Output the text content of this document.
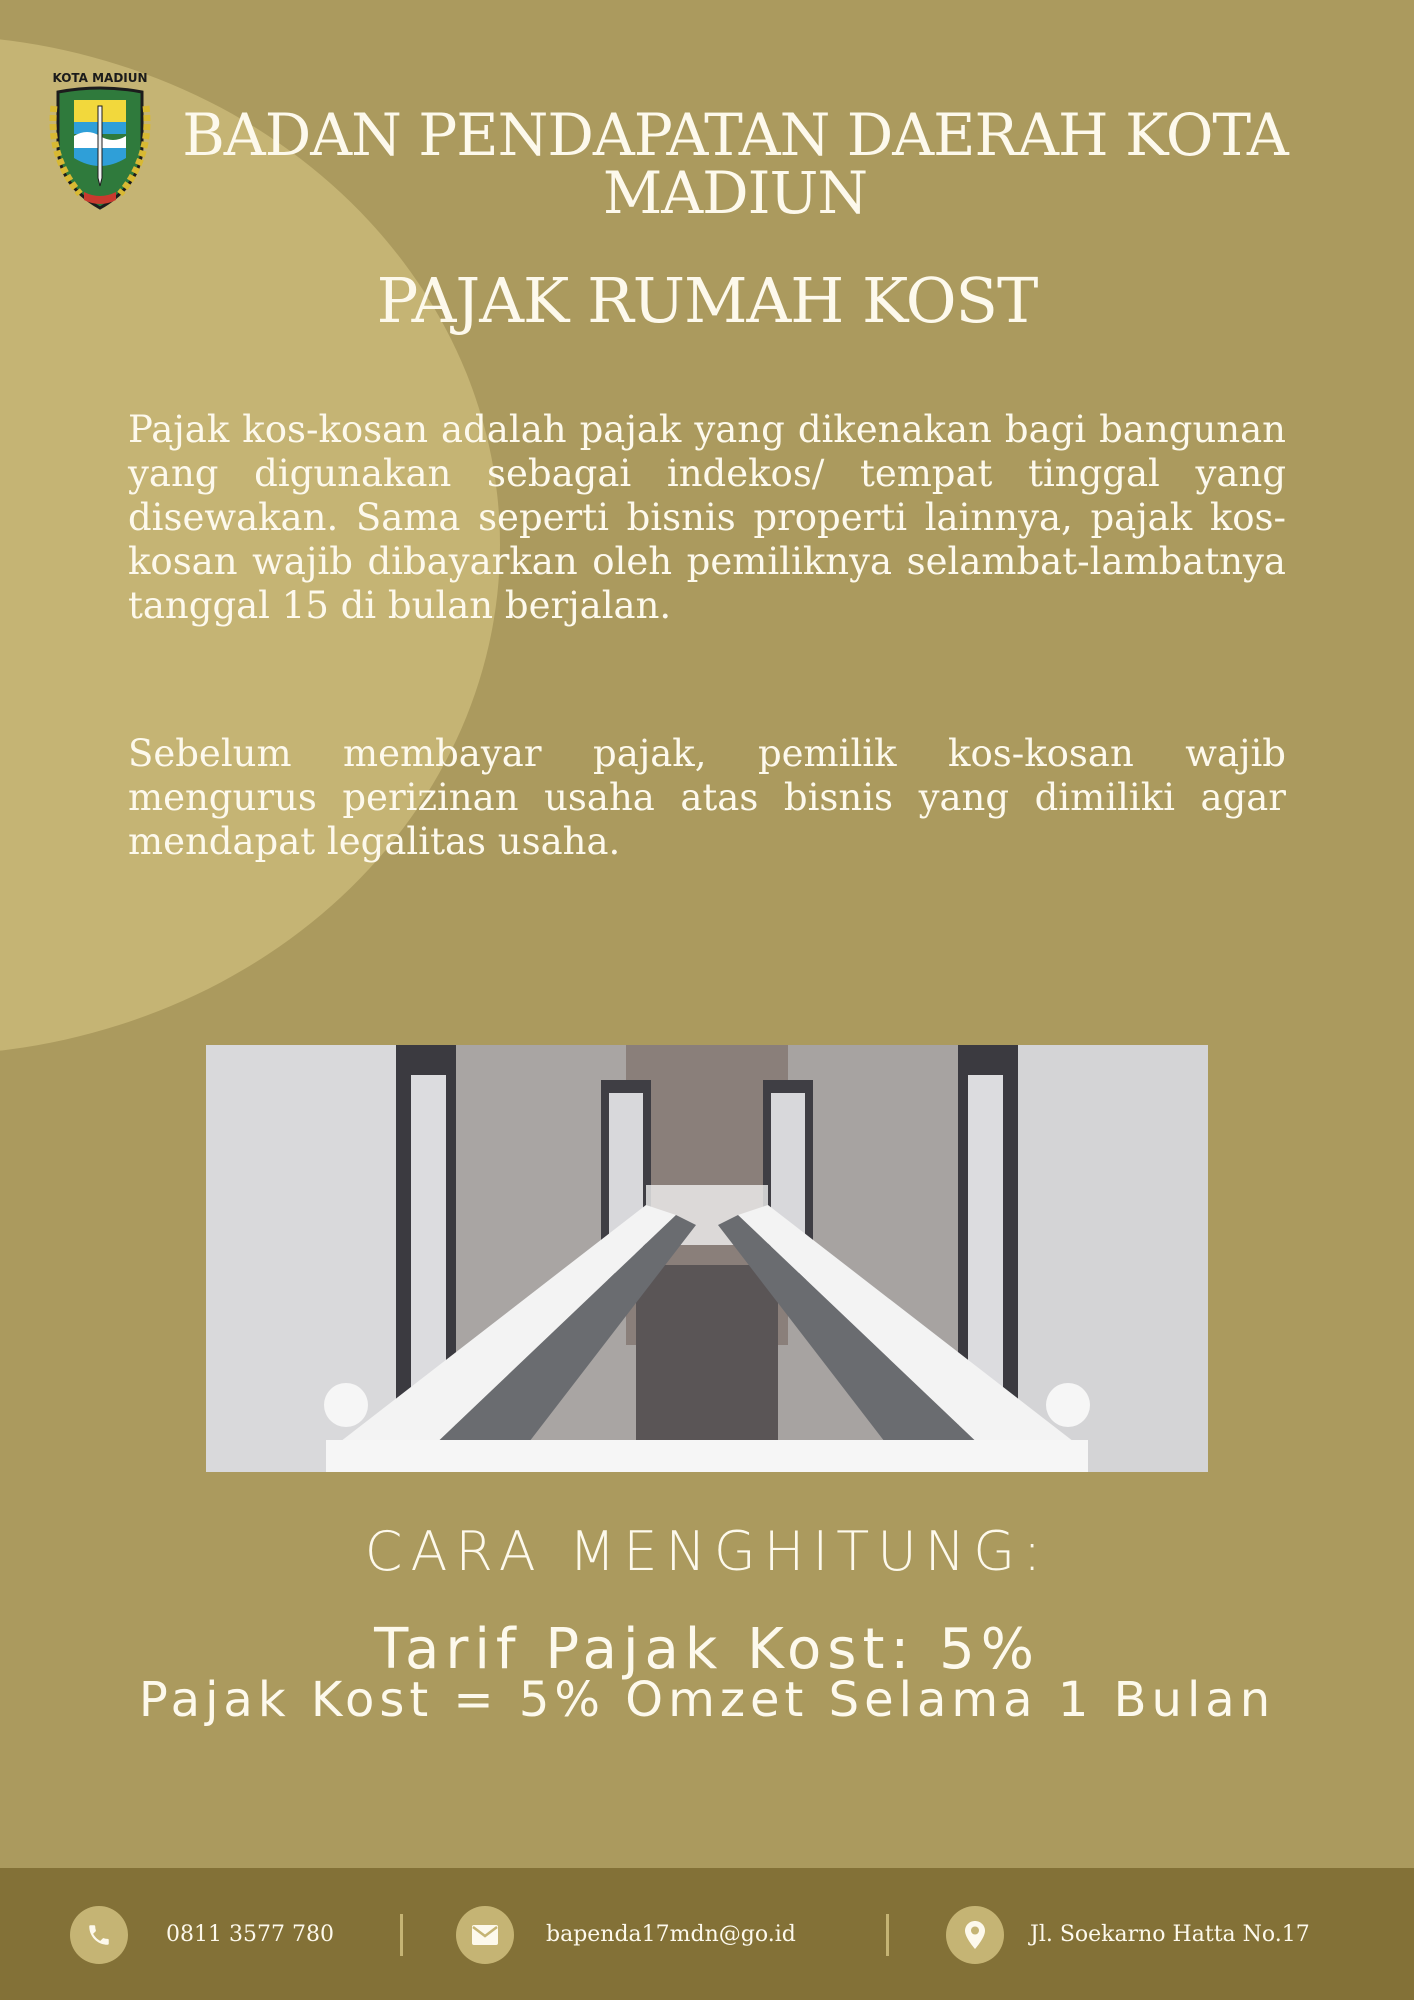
KOTA MADIUN
BADAN PENDAPATAN DAERAH KOTA MADIUN
PAJAK RUMAH KOST
Pajak kos-kosan adalah pajak yang dikenakan bagi bangunan yang digunakan sebagai indekos/ tempat tinggal yang disewakan. Sama seperti bisnis properti lainnya, pajak kos-kosan wajib dibayarkan oleh pemiliknya selambat-lambatnya tanggal 15 di bulan berjalan.
Sebelum membayar pajak, pemilik kos-kosan wajib mengurus perizinan usaha atas bisnis yang dimiliki agar mendapat legalitas usaha.
CARA MENGHITUNG:
Tarif Pajak Kost: 5%
Pajak Kost = 5% Omzet Selama 1 Bulan
0811 3577 780	bapenda17mdn@go.id	Jl. Soekarno Hatta No.17
